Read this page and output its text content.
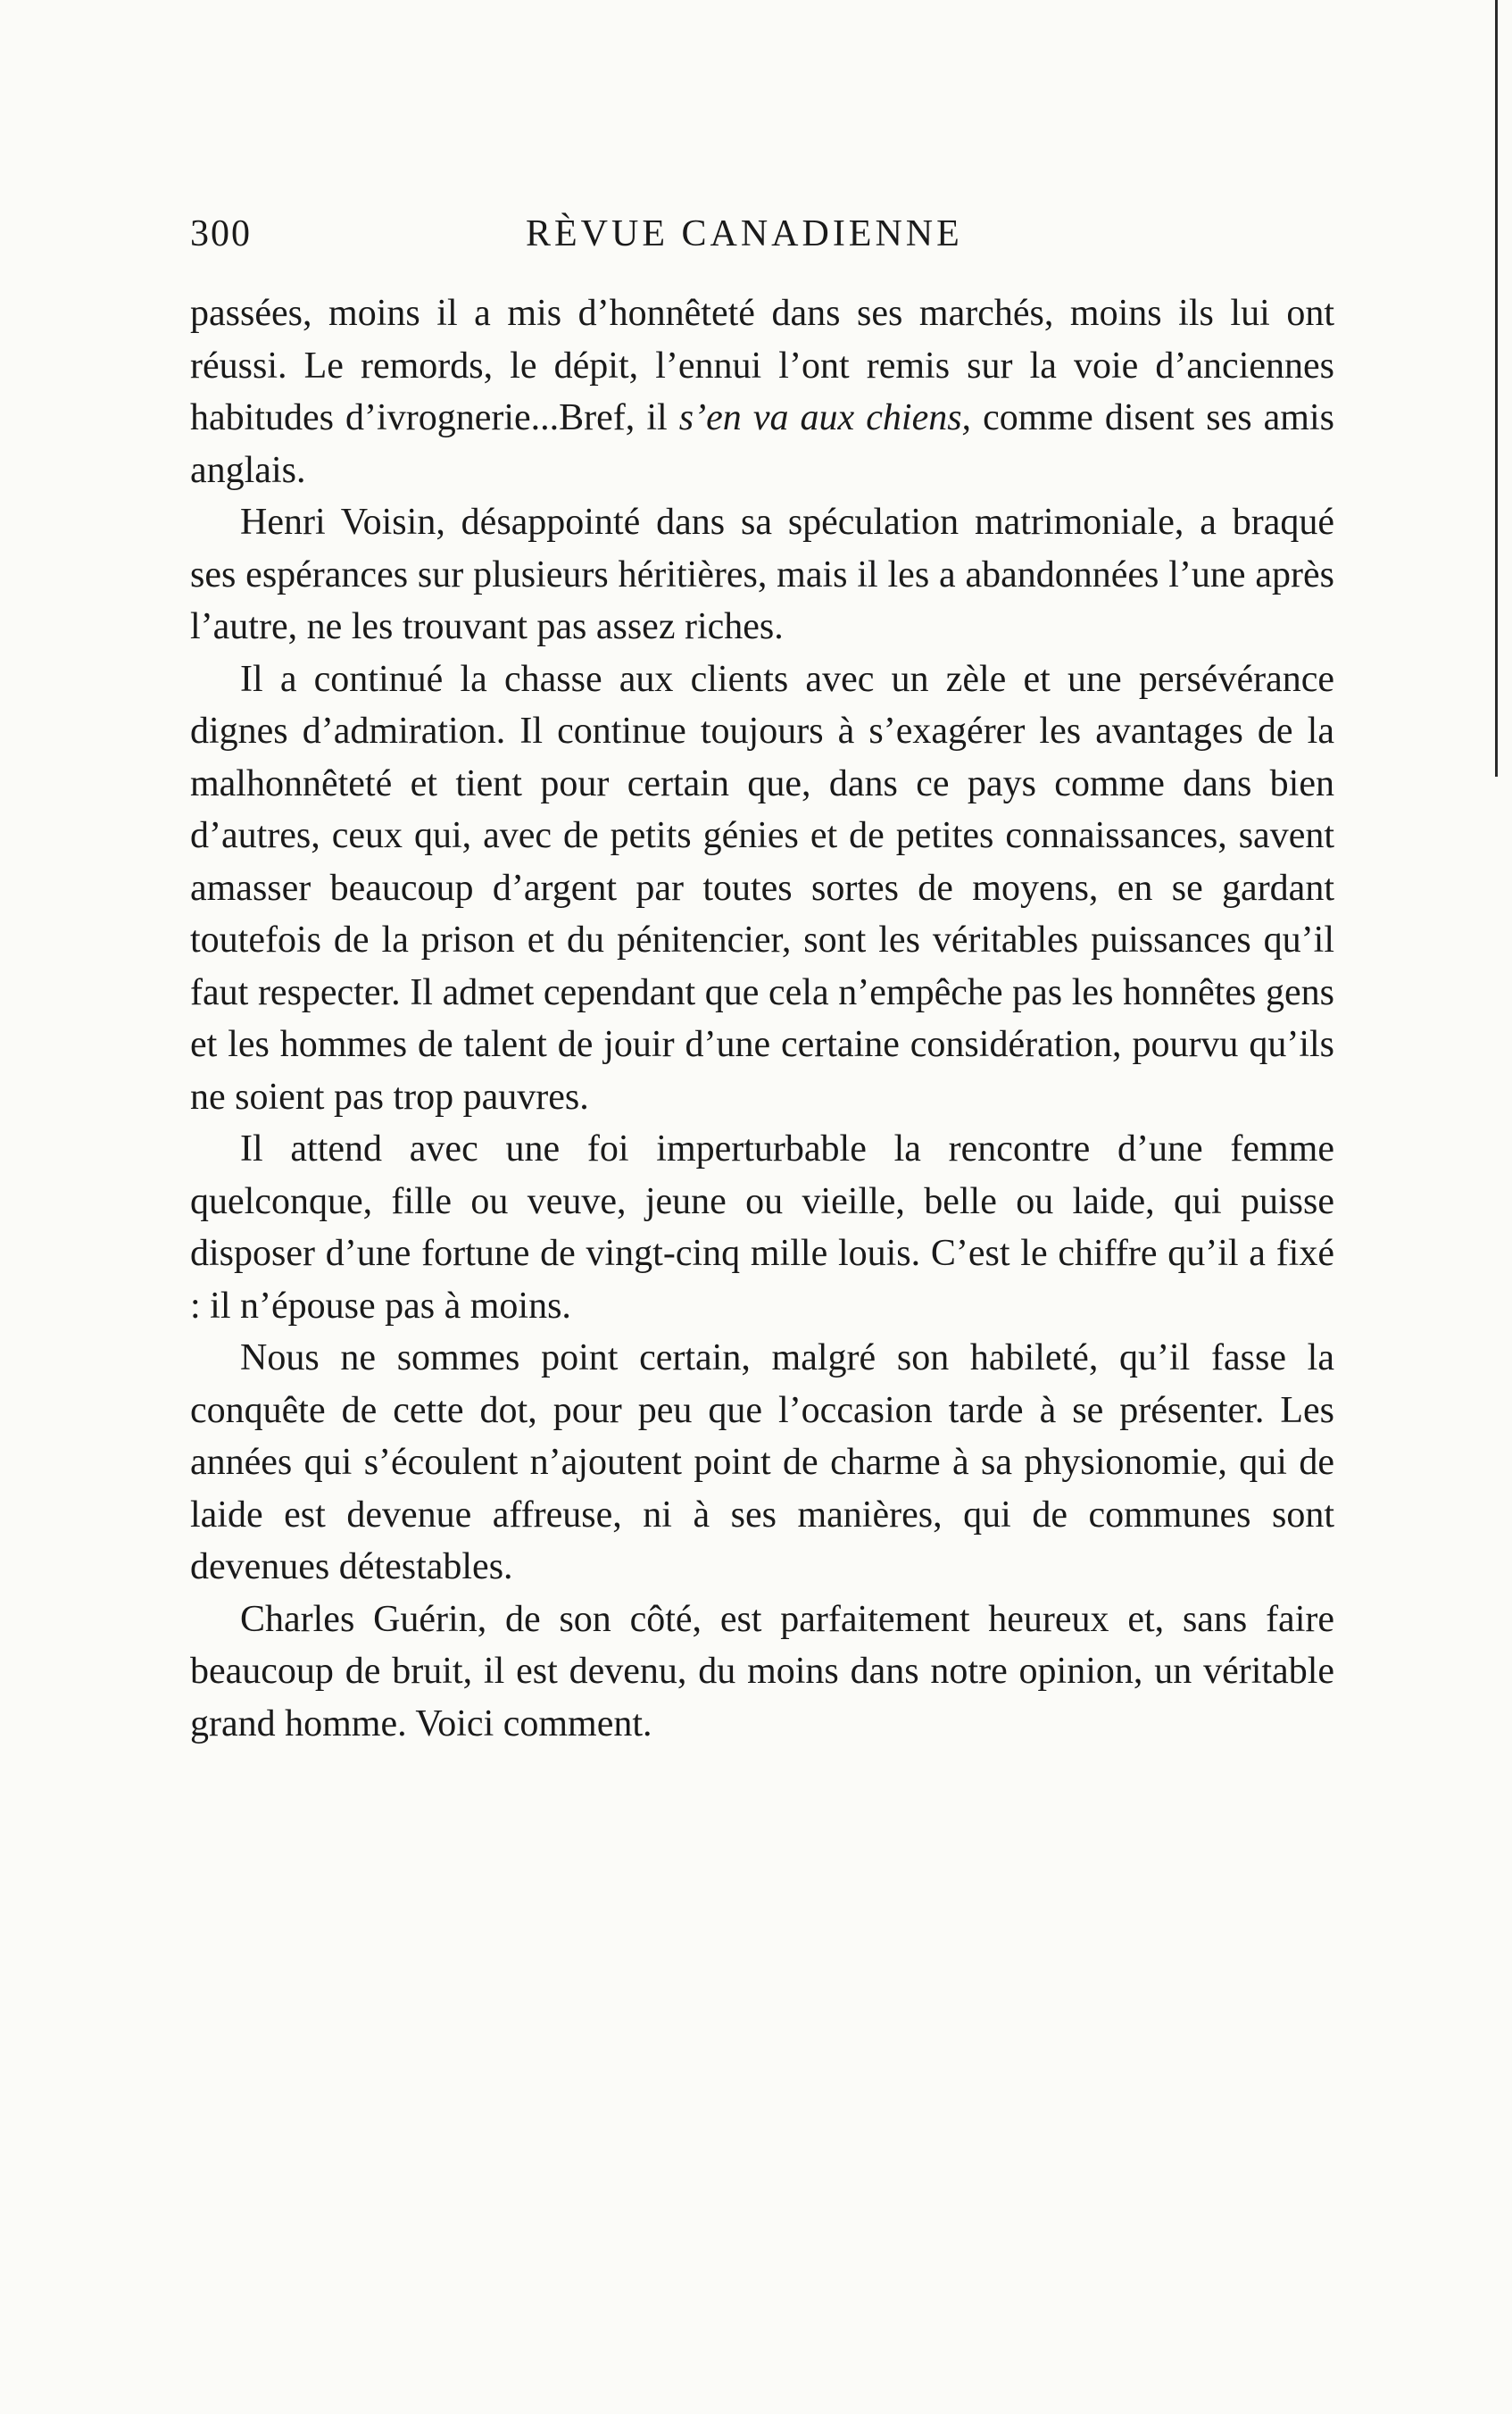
300	RÈVUE CANADIENNE

passées, moins il a mis d’honnêteté dans ses marchés, moins ils lui ont réussi. Le remords, le dépit, l’ennui l’ont remis sur la voie d’anciennes habitudes d’ivrognerie...Bref, il s’en va aux chiens, comme disent ses amis anglais.

Henri Voisin, désappointé dans sa spéculation matrimoniale, a braqué ses espérances sur plusieurs héritières, mais il les a abandonnées l’une après l’autre, ne les trouvant pas assez riches.

Il a continué la chasse aux clients avec un zèle et une persévérance dignes d’admiration. Il continue toujours à s’exagérer les avantages de la malhonnêteté et tient pour certain que, dans ce pays comme dans bien d’autres, ceux qui, avec de petits génies et de petites connaissances, savent amasser beaucoup d’argent par toutes sortes de moyens, en se gardant toutefois de la prison et du pénitencier, sont les véritables puissances qu’il faut respecter. Il admet cependant que cela n’empêche pas les honnêtes gens et les hommes de talent de jouir d’une certaine considération, pourvu qu’ils ne soient pas trop pauvres.

Il attend avec une foi imperturbable la rencontre d’une femme quelconque, fille ou veuve, jeune ou vieille, belle ou laide, qui puisse disposer d’une fortune de vingt-cinq mille louis. C’est le chiffre qu’il a fixé : il n’épouse pas à moins.

Nous ne sommes point certain, malgré son habileté, qu’il fasse la conquête de cette dot, pour peu que l’occasion tarde à se présenter. Les années qui s’écoulent n’ajoutent point de charme à sa physionomie, qui de laide est devenue affreuse, ni à ses manières, qui de communes sont devenues détestables.

Charles Guérin, de son côté, est parfaitement heureux et, sans faire beaucoup de bruit, il est devenu, du moins dans notre opinion, un véritable grand homme. Voici comment.
